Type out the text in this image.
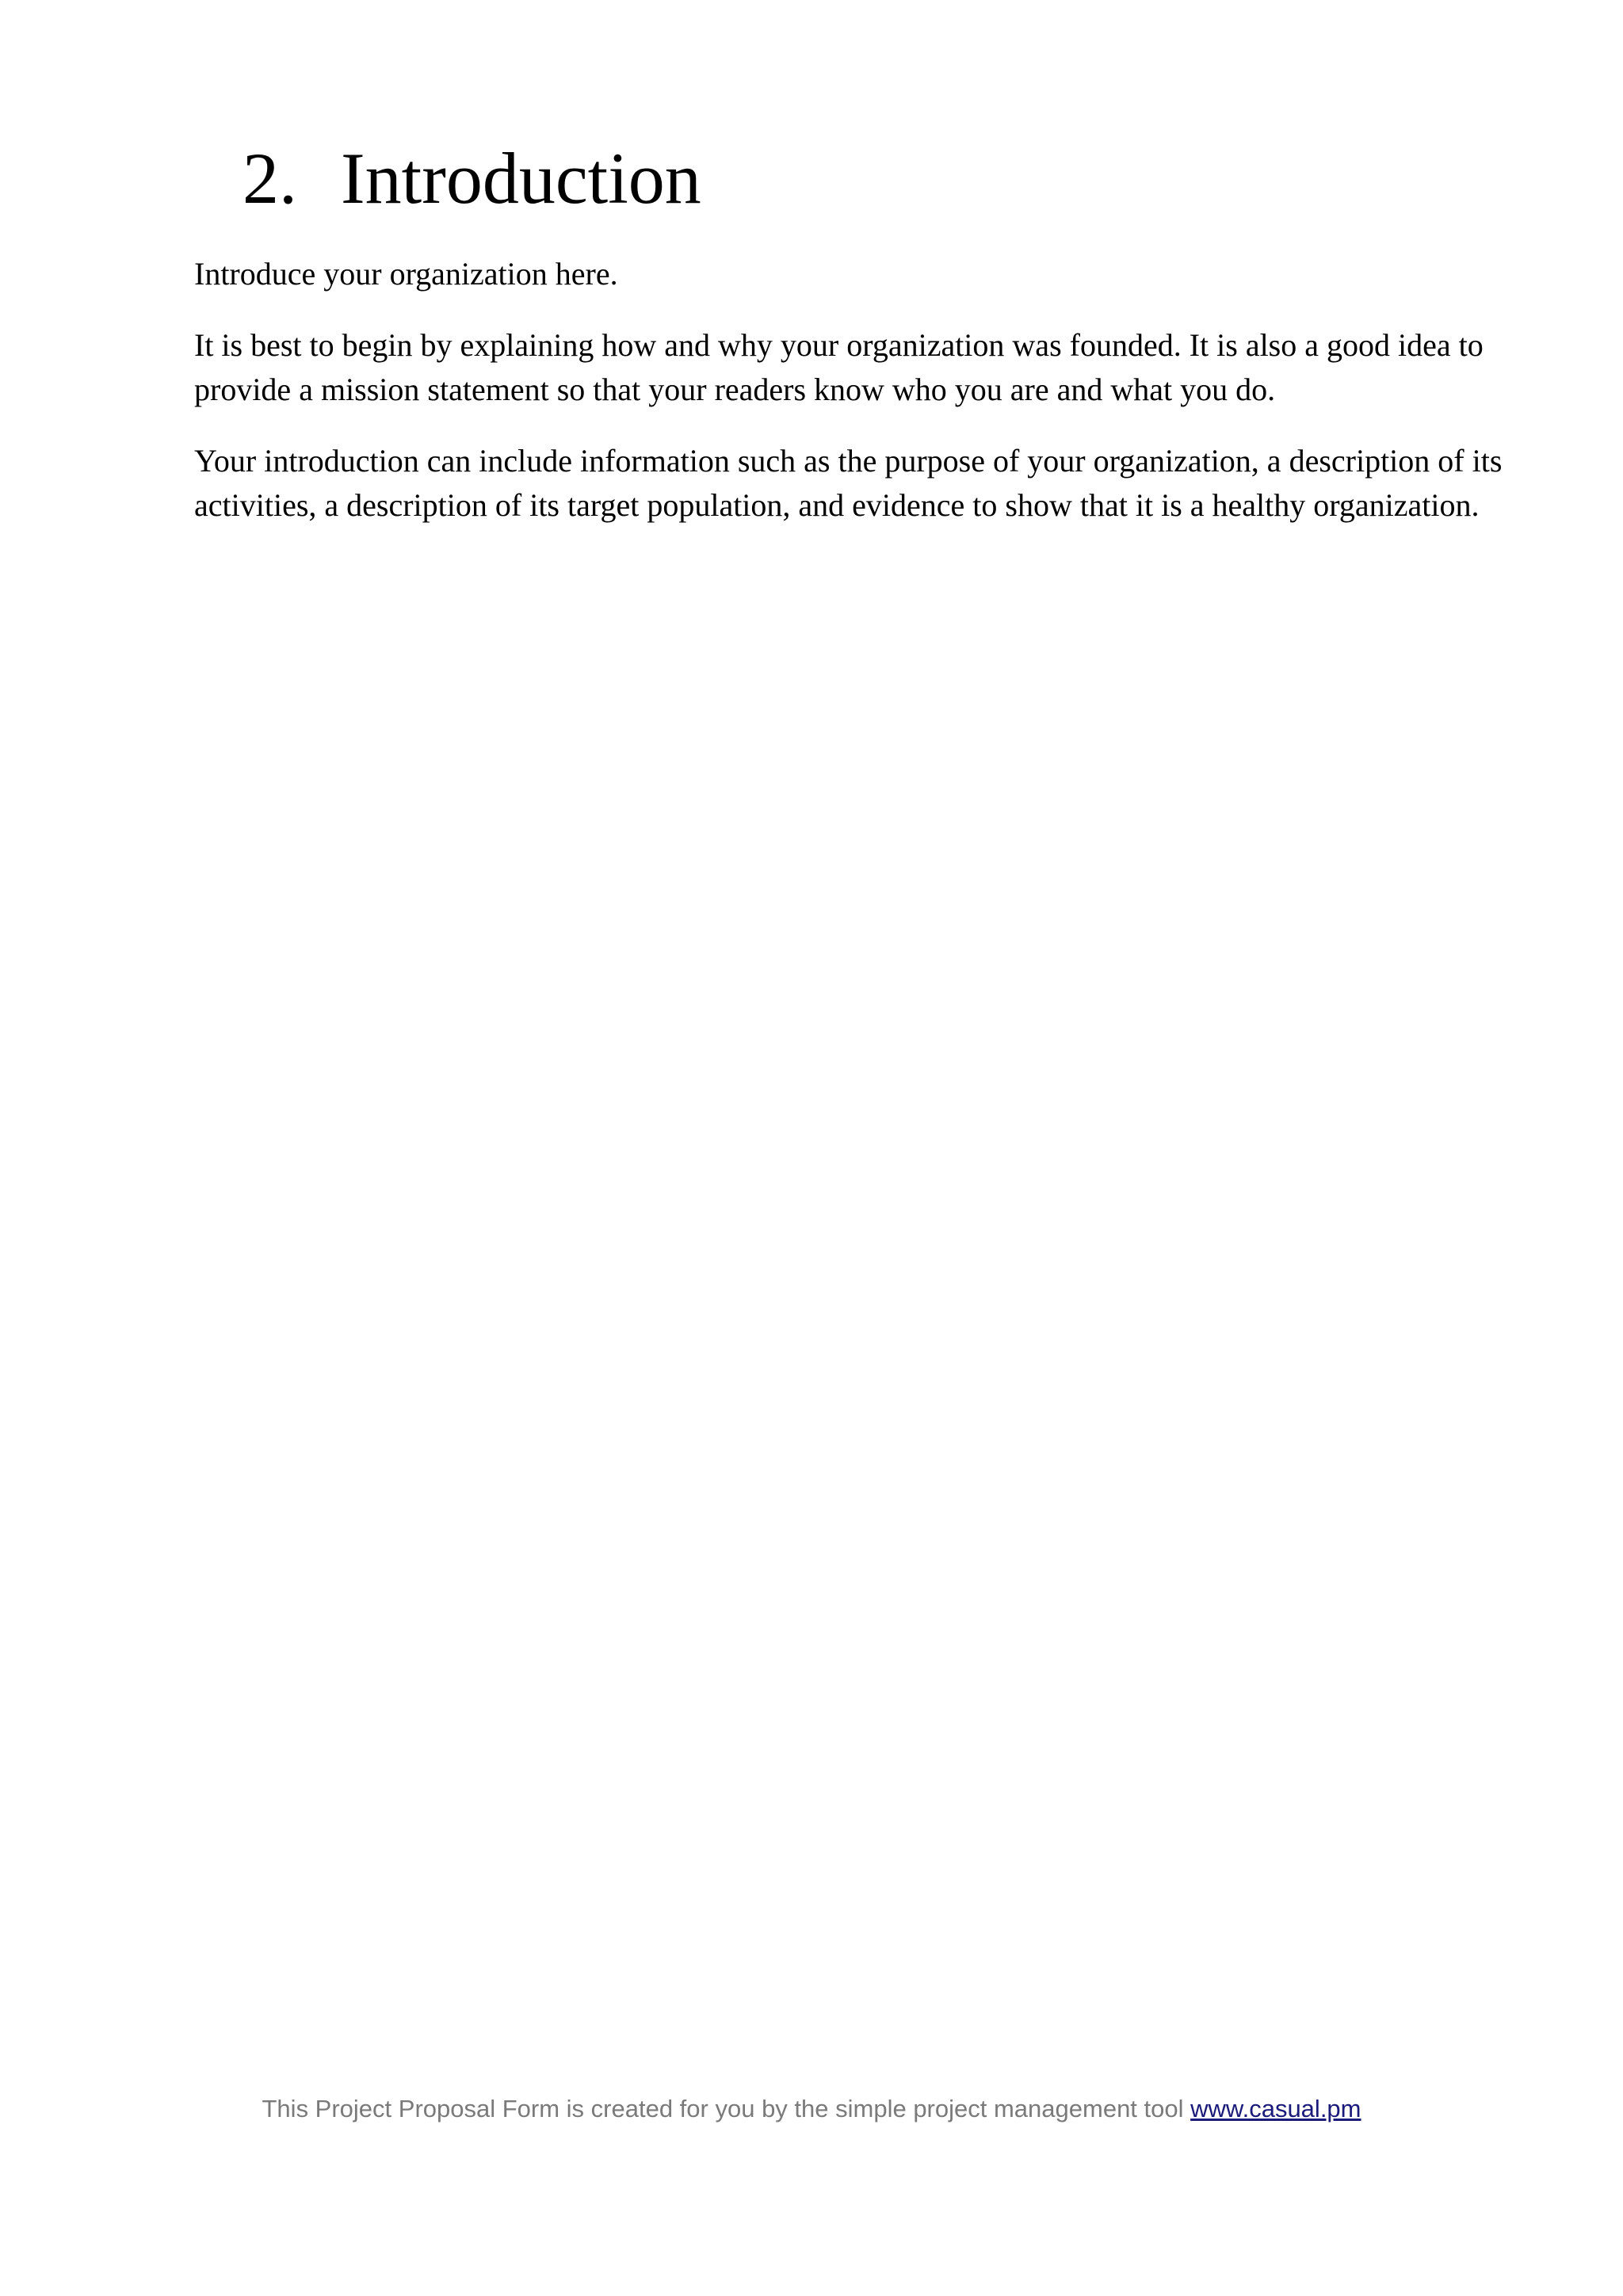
2. Introduction

Introduce your organization here.

It is best to begin by explaining how and why your organization was founded. It is also a good idea to provide a mission statement so that your readers know who you are and what you do.

Your introduction can include information such as the purpose of your organization, a description of its activities, a description of its target population, and evidence to show that it is a healthy organization.

This Project Proposal Form is created for you by the simple project management tool www.casual.pm
